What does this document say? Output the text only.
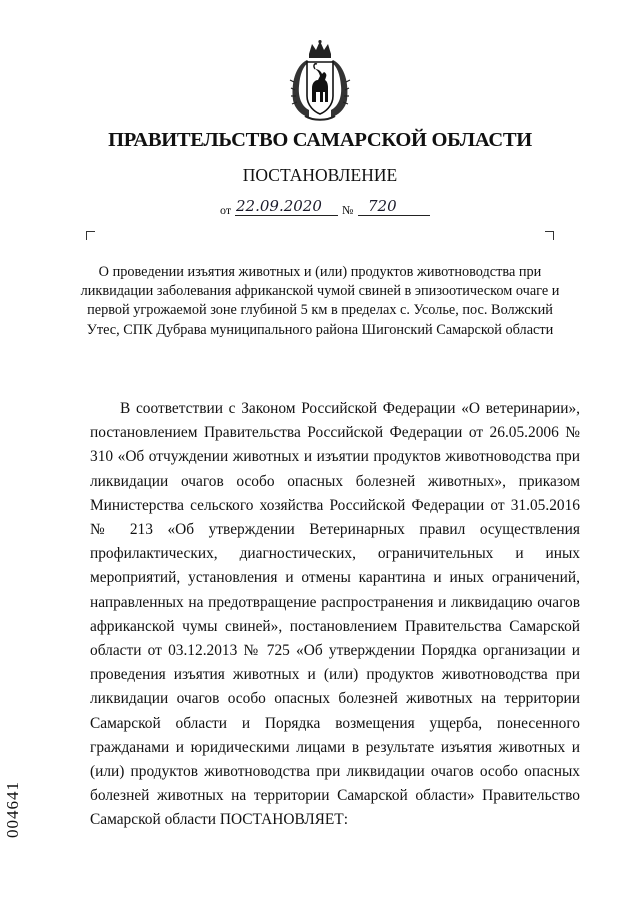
ПРАВИТЕЛЬСТВО САМАРСКОЙ ОБЛАСТИ
ПОСТАНОВЛЕНИЕ
от 22.09.2020 № 720
О проведении изъятия животных и (или) продуктов животноводства при ликвидации заболевания африканской чумой свиней в эпизоотическом очаге и первой угрожаемой зоне глубиной 5 км в пределах с. Усолье, пос. Волжский Утес, СПК Дубрава муниципального района Шигонский Самарской области

В соответствии с Законом Российской Федерации «О ветеринарии», постановлением Правительства Российской Федерации от 26.05.2006 № 310 «Об отчуждении животных и изъятии продуктов животноводства при ликвидации очагов особо опасных болезней животных», приказом Министерства сельского хозяйства Российской Федерации от 31.05.2016 № 213 «Об утверждении Ветеринарных правил осуществления профилактических, диагностических, ограничительных и иных мероприятий, установления и отмены карантина и иных ограничений, направленных на предотвращение распространения и ликвидацию очагов африканской чумы свиней», постановлением Правительства Самарской области от 03.12.2013 № 725 «Об утверждении Порядка организации и проведения изъятия животных и (или) продуктов животноводства при ликвидации очагов особо опасных болезней животных на территории Самарской области и Порядка возмещения ущерба, понесенного гражданами и юридическими лицами в результате изъятия животных и (или) продуктов животноводства при ликвидации очагов особо опасных болезней животных на территории Самарской области» Правительство Самарской области ПОСТАНОВЛЯЕТ:

004641
